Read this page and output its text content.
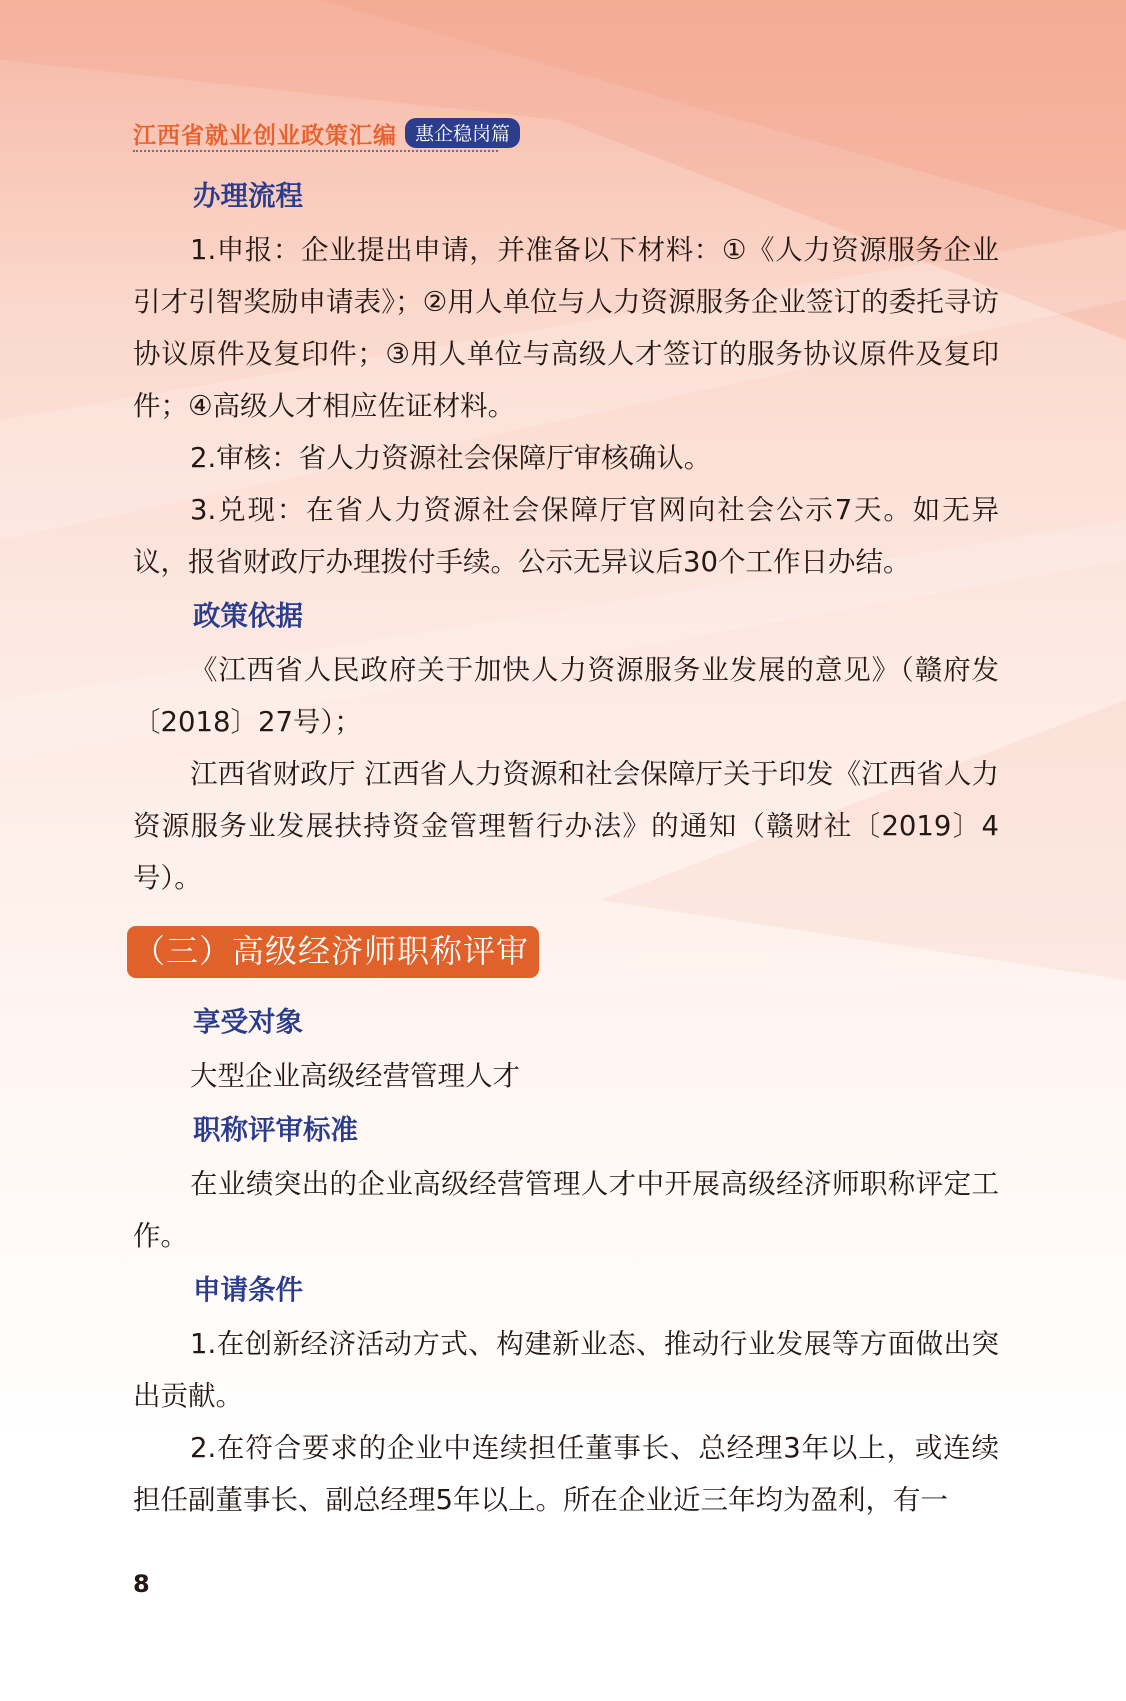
江西省就业创业政策汇编 惠企稳岗篇

办理流程

1.申报：企业提出申请，并准备以下材料：①《人力资源服务企业引才引智奖励申请表》；②用人单位与人力资源服务企业签订的委托寻访协议原件及复印件；③用人单位与高级人才签订的服务协议原件及复印件；④高级人才相应佐证材料。

2.审核：省人力资源社会保障厅审核确认。

3.兑现：在省人力资源社会保障厅官网向社会公示7天。如无异议，报省财政厅办理拨付手续。公示无异议后30个工作日办结。

政策依据

《江西省人民政府关于加快人力资源服务业发展的意见》（赣府发〔2018〕27号）；

江西省财政厅 江西省人力资源和社会保障厅关于印发《江西省人力资源服务业发展扶持资金管理暂行办法》的通知（赣财社〔2019〕4号）。

（三）高级经济师职称评审

享受对象

大型企业高级经营管理人才

职称评审标准

在业绩突出的企业高级经营管理人才中开展高级经济师职称评定工作。

申请条件

1.在创新经济活动方式、构建新业态、推动行业发展等方面做出突出贡献。

2.在符合要求的企业中连续担任董事长、总经理3年以上，或连续担任副董事长、副总经理5年以上。所在企业近三年均为盈利，有一

8
